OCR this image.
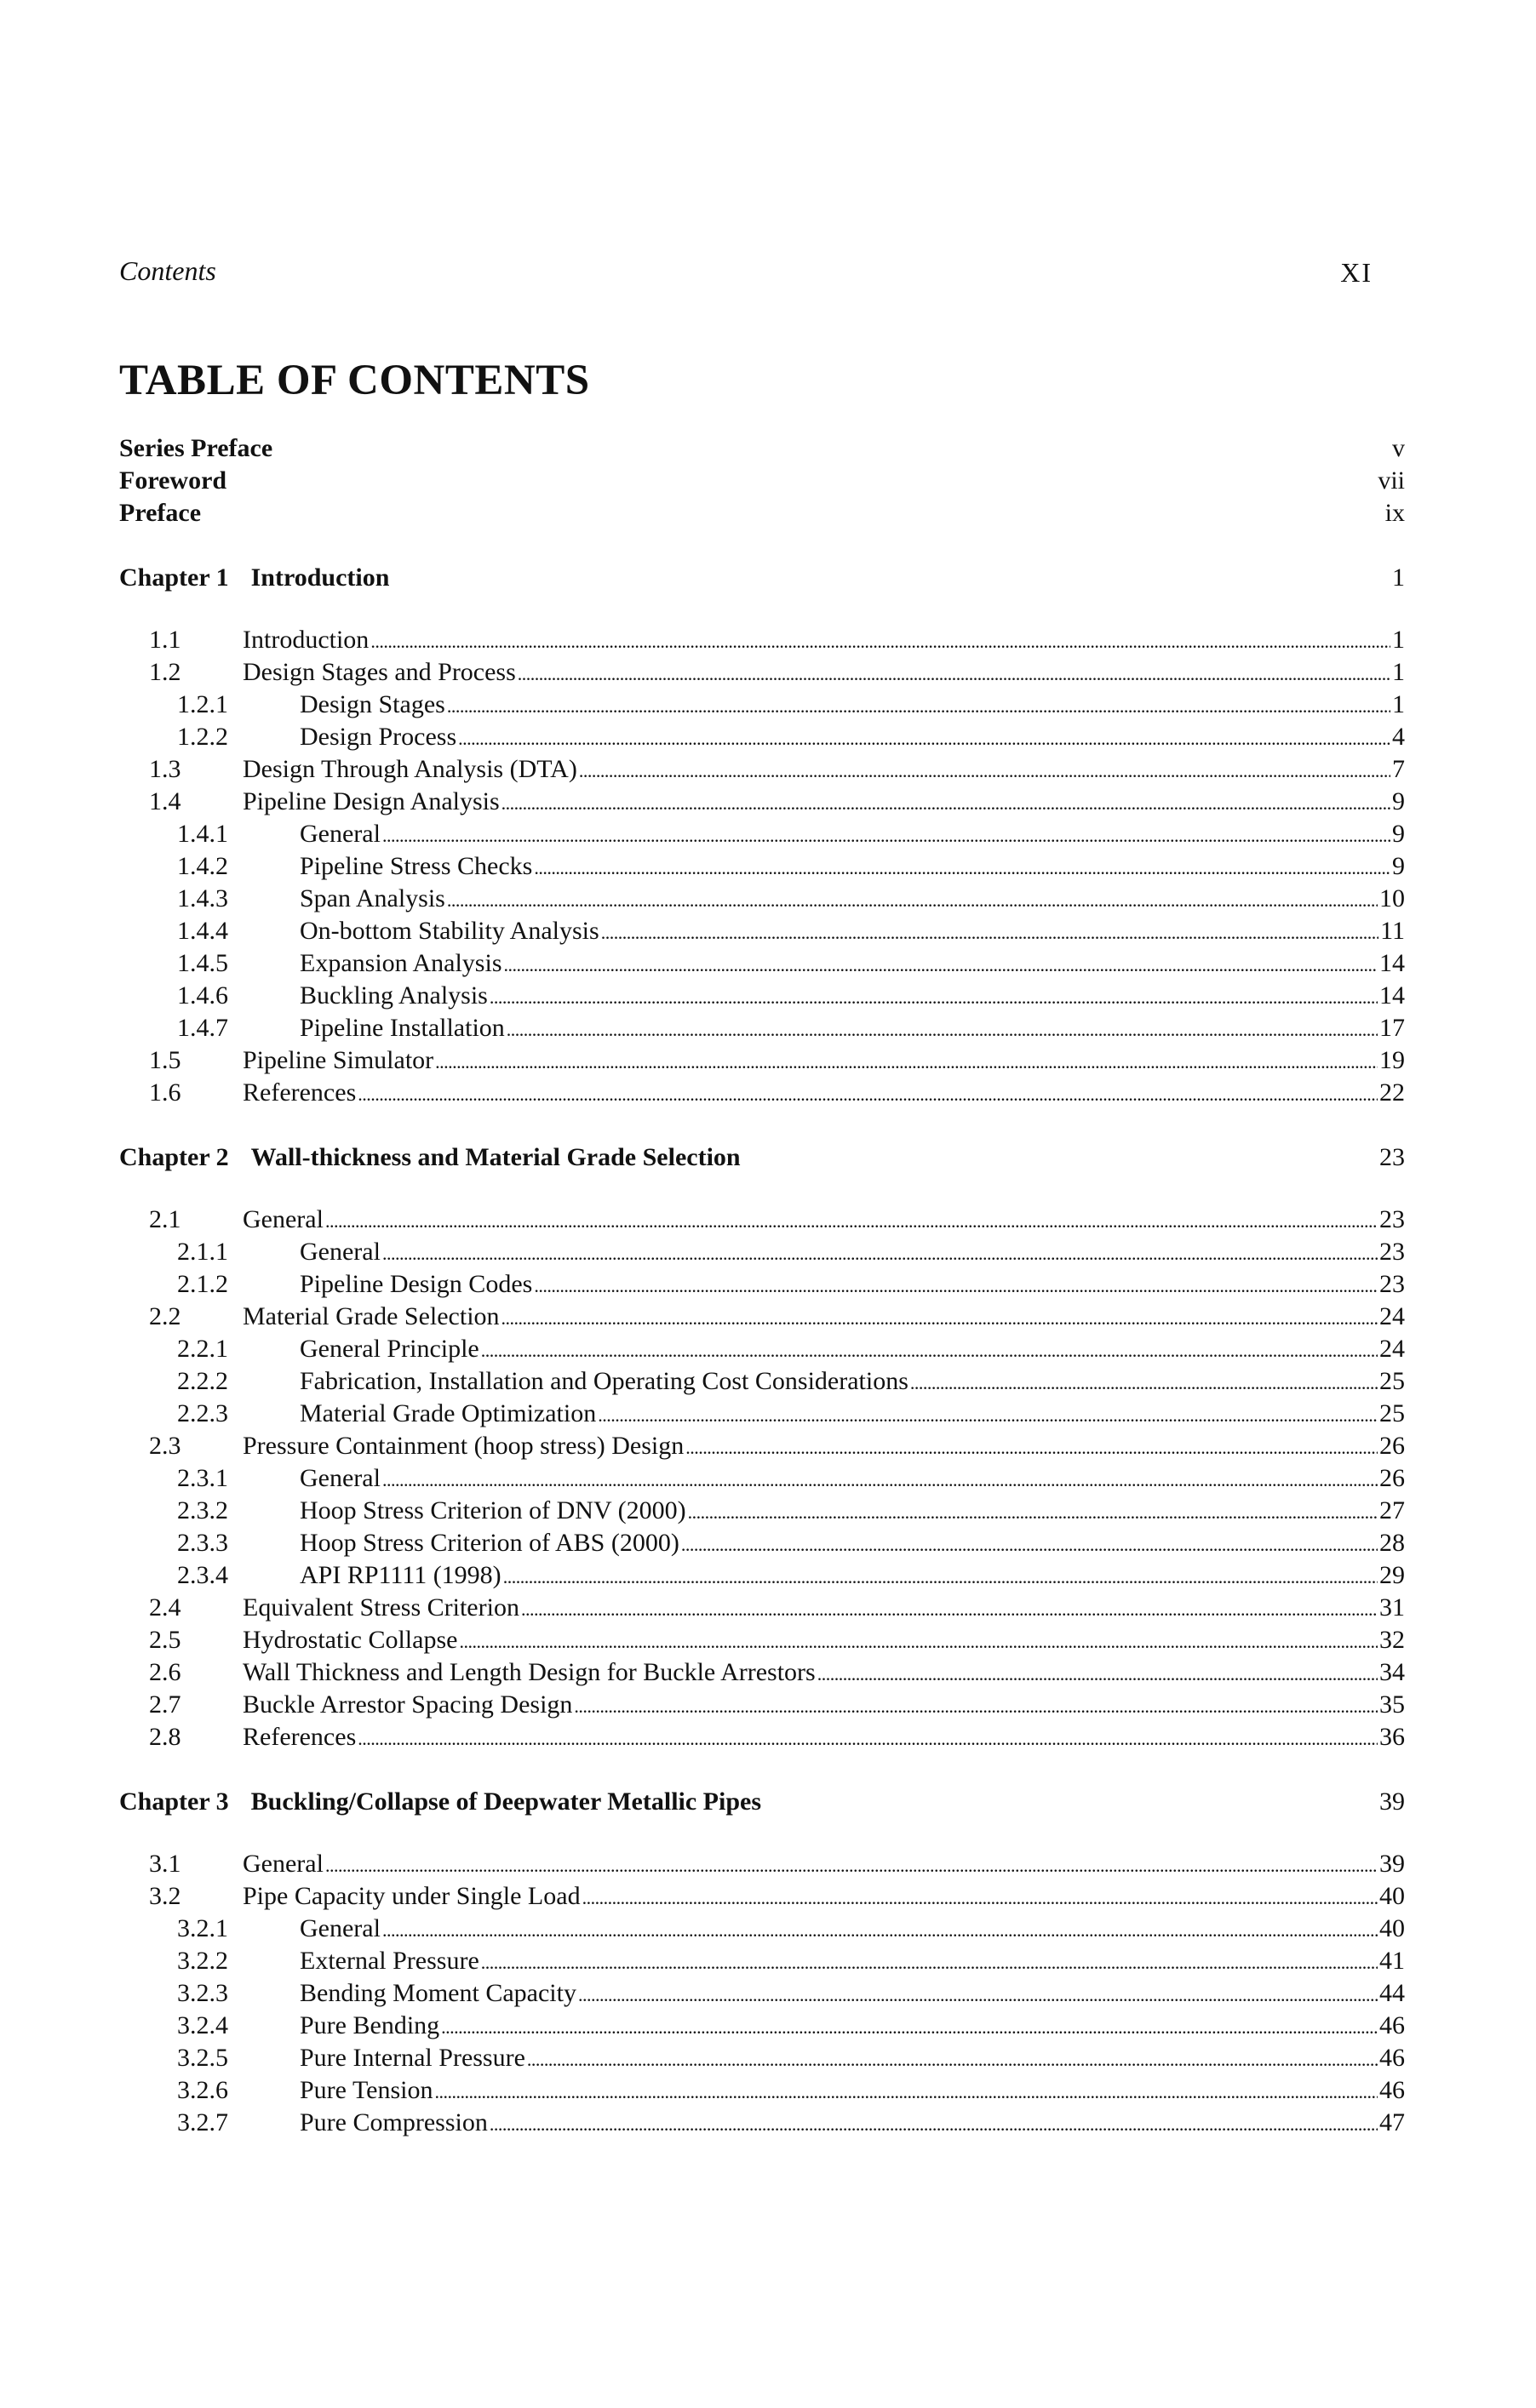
Contents	XI
TABLE OF CONTENTS
Series Preface	v
Foreword	vii
Preface	ix
Chapter 1 Introduction	1
1.1	Introduction . . .	1
1.2	Design Stages and Process . . .	1
1.2.1	Design Stages . . .	1
1.2.2	Design Process . . .	4
1.3	Design Through Analysis (DTA) . . .	7
1.4	Pipeline Design Analysis . . .	9
1.4.1	General . . .	9
1.4.2	Pipeline Stress Checks . . .	9
1.4.3	Span Analysis . . .	10
1.4.4	On-bottom Stability Analysis . . .	11
1.4.5	Expansion Analysis . . .	14
1.4.6	Buckling Analysis . . .	14
1.4.7	Pipeline Installation . . .	17
1.5	Pipeline Simulator . . .	19
1.6	References . . .	22
Chapter 2 Wall-thickness and Material Grade Selection	23
2.1	General . . .	23
2.1.1	General . . .	23
2.1.2	Pipeline Design Codes . . .	23
2.2	Material Grade Selection . . .	24
2.2.1	General Principle . . .	24
2.2.2	Fabrication, Installation and Operating Cost Considerations . . .	25
2.2.3	Material Grade Optimization . . .	25
2.3	Pressure Containment (hoop stress) Design . . .	26
2.3.1	General . . .	26
2.3.2	Hoop Stress Criterion of DNV (2000) . . .	27
2.3.3	Hoop Stress Criterion of ABS (2000) . . .	28
2.3.4	API RP1111 (1998) . . .	29
2.4	Equivalent Stress Criterion . . .	31
2.5	Hydrostatic Collapse . . .	32
2.6	Wall Thickness and Length Design for Buckle Arrestors . . .	34
2.7	Buckle Arrestor Spacing Design . . .	35
2.8	References . . .	36
Chapter 3 Buckling/Collapse of Deepwater Metallic Pipes	39
3.1	General . . .	39
3.2	Pipe Capacity under Single Load . . .	40
3.2.1	General . . .	40
3.2.2	External Pressure . . .	41
3.2.3	Bending Moment Capacity . . .	44
3.2.4	Pure Bending . . .	46
3.2.5	Pure Internal Pressure . . .	46
3.2.6	Pure Tension . . .	46
3.2.7	Pure Compression . . .	47
